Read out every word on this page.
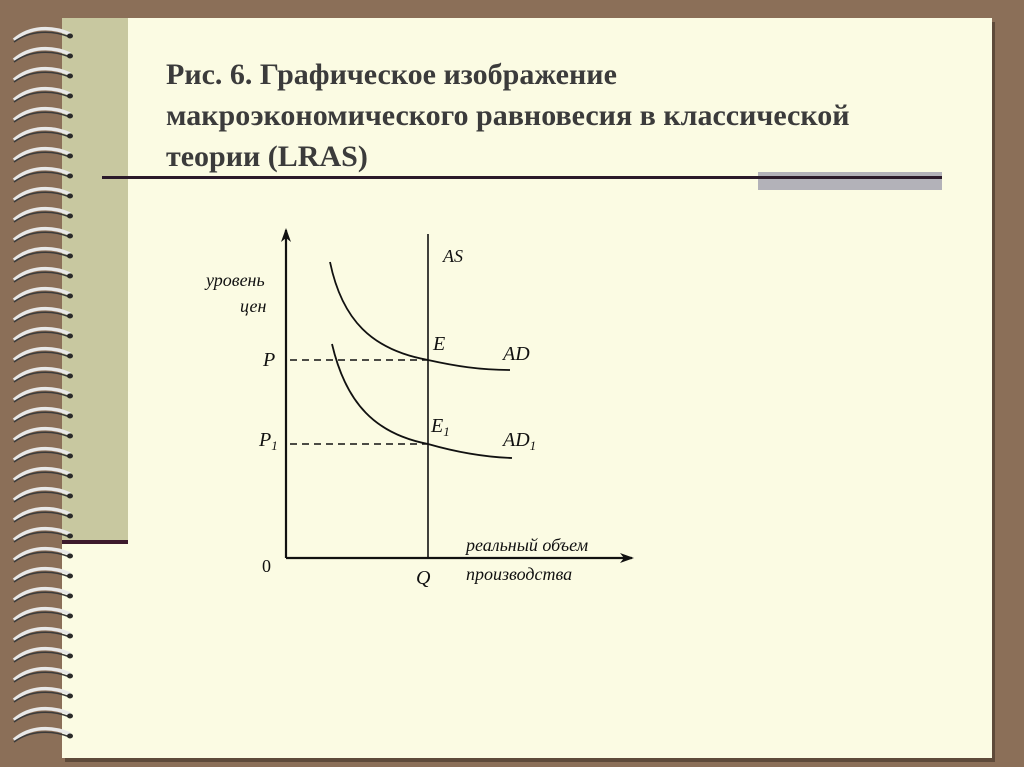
Рис. 6. Графическое изображение макроэкономического равновесия в классической теории (LRAS)
уровень
цен
AS
E	AD
$E_1$	$AD_1$
P
$P_1$
0
Q
реальный объем
производства
